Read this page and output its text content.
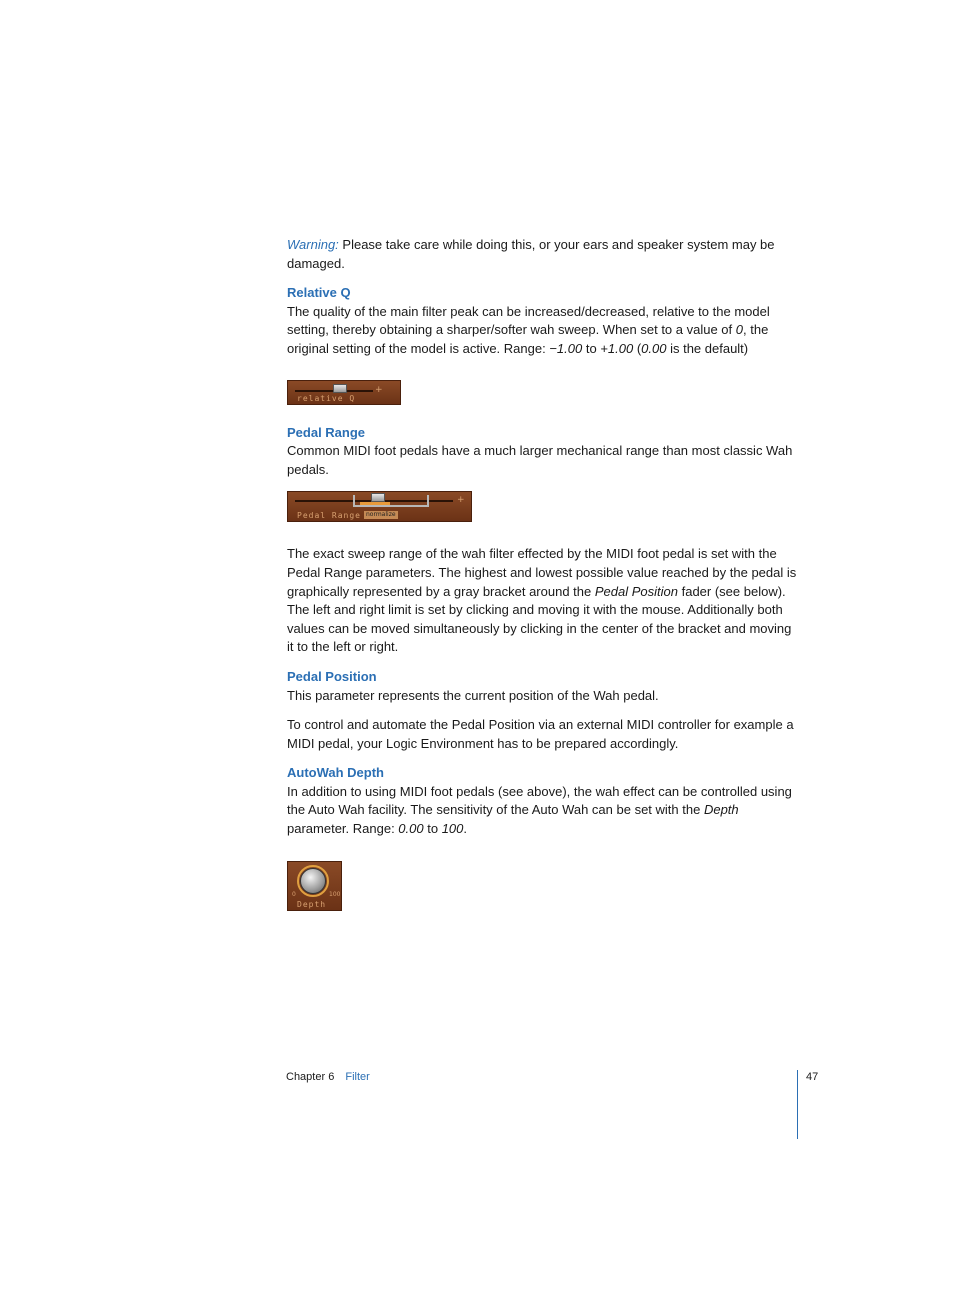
Warning: Please take care while doing this, or your ears and speaker system may be damaged.

Relative Q

The quality of the main filter peak can be increased/decreased, relative to the model setting, thereby obtaining a sharper/softer wah sweep. When set to a value of 0, the original setting of the model is active. Range: −1.00 to +1.00 (0.00 is the default)

+
relative Q
Pedal Range

Common MIDI foot pedals have a much larger mechanical range than most classic Wah pedals.

+
Pedal Range normalize

The exact sweep range of the wah filter effected by the MIDI foot pedal is set with the Pedal Range parameters. The highest and lowest possible value reached by the pedal is graphically represented by a gray bracket around the Pedal Position fader (see below). The left and right limit is set by clicking and moving it with the mouse. Additionally both values can be moved simultaneously by clicking in the center of the bracket and moving it to the left or right.

Pedal Position

This parameter represents the current position of the Wah pedal.

To control and automate the Pedal Position via an external MIDI controller for example a MIDI pedal, your Logic Environment has to be prepared accordingly.

AutoWah Depth

In addition to using MIDI foot pedals (see above), the wah effect can be controlled using the Auto Wah facility. The sensitivity of the Auto Wah can be set with the Depth parameter. Range: 0.00 to 100.

0	100
Depth
Chapter 6 Filter	47
